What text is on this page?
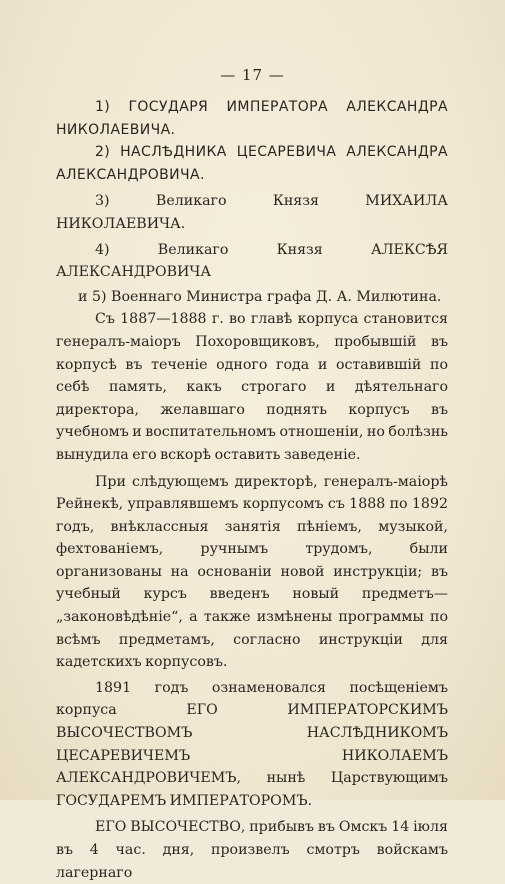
— 17 —

1) ГОСУДАРЯ ИМПЕРАТОРА АЛЕКСАНДРА НИКОЛАЕВИЧА.

2) НАСЛѢДНИКА ЦЕСАРЕВИЧА АЛЕКСАНДРА АЛЕКСАНДРОВИЧА.

3) Великаго Князя МИХАИЛА НИКОЛАЕВИЧА.

4) Великаго Князя АЛЕКСѢЯ АЛЕКСАНДРОВИЧА

и 5) Военнаго Министра графа Д. А. Милютина.

Съ 1887—1888 г. во главѣ корпуса становится генералъ-маіоръ Похоровщиковъ, пробывшій въ корпусѣ въ теченіе одного года и оставившій по себѣ память, какъ строгаго и дѣятельнаго директора, желавшаго поднять корпусъ въ учебномъ и воспитательномъ отношеніи, но болѣзнь вынудила его вскорѣ оставить заведеніе.

При слѣдующемъ директорѣ, генералъ-маіорѣ Рейнекѣ, управлявшемъ корпусомъ съ 1888 по 1892 годъ, внѣклассныя занятія пѣніемъ, музыкой, фехтованіемъ, ручнымъ трудомъ, были организованы на основаніи новой инструкціи; въ учебный курсъ введенъ новый предметъ—„законовѣдѣніе“, а также измѣнены программы по всѣмъ предметамъ, согласно инструкціи для кадетскихъ корпусовъ.

1891 годъ ознаменовался посѣщеніемъ корпуса ЕГО ИМПЕРАТОРСКИМЪ ВЫСОЧЕСТВОМЪ НАСЛѢДНИКОМЪ ЦЕСАРЕВИЧЕМЪ НИКОЛАЕМЪ АЛЕКСАНДРОВИЧЕМЪ, нынѣ Царствующимъ ГОСУДАРЕМЪ ИМПЕРАТОРОМЪ.

ЕГО ВЫСОЧЕСТВО, прибывъ въ Омскъ 14 іюля въ 4 час. дня, произвелъ смотръ войскамъ лагернаго
